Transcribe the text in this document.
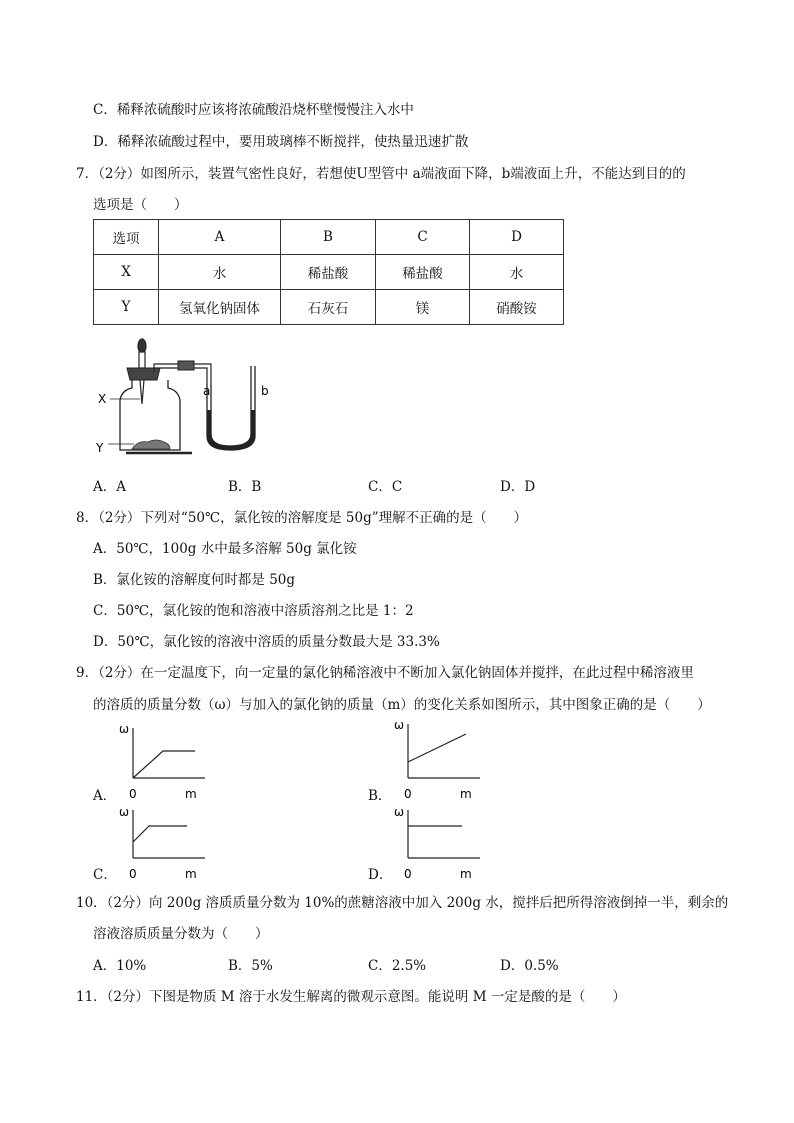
C．稀释浓硫酸时应该将浓硫酸沿烧杯壁慢慢注入水中
D．稀释浓硫酸过程中，要用玻璃棒不断搅拌，使热量迅速扩散
7．（2分）如图所示，装置气密性良好，若想使U型管中 a端液面下降，b端液面上升，不能达到目的的
选项是（　　）
选项	A	B	C	D
X	水	稀盐酸	稀盐酸	水
Y	氢氧化钠固体	石灰石	镁	硝酸铵
X
Y
a	b
A．A	B．B	C．C	D．D
8．（2分）下列对“50℃，氯化铵的溶解度是 50g”理解不正确的是（　　）
A．50℃，100g 水中最多溶解 50g 氯化铵
B．氯化铵的溶解度何时都是 50g
C．50℃，氯化铵的饱和溶液中溶质溶剂之比是 1：2
D．50℃，氯化铵的溶液中溶质的质量分数最大是 33.3%
9．（2分）在一定温度下，向一定量的氯化钠稀溶液中不断加入氯化钠固体并搅拌，在此过程中稀溶液里
的溶质的质量分数（ω）与加入的氯化钠的质量（m）的变化关系如图所示，其中图象正确的是（　　）
A．
ω
0	m	B．
ω
0	m
C．
ω
0	m	D．
ω
0	m
10．（2分）向 200g 溶质质量分数为 10%的蔗糖溶液中加入 200g 水，搅拌后把所得溶液倒掉一半，剩余的
溶液溶质质量分数为（　　）
A．10%	B．5%	C．2.5%	D．0.5%
11．（2分）下图是物质 M 溶于水发生解离的微观示意图。能说明 M 一定是酸的是（　　）
